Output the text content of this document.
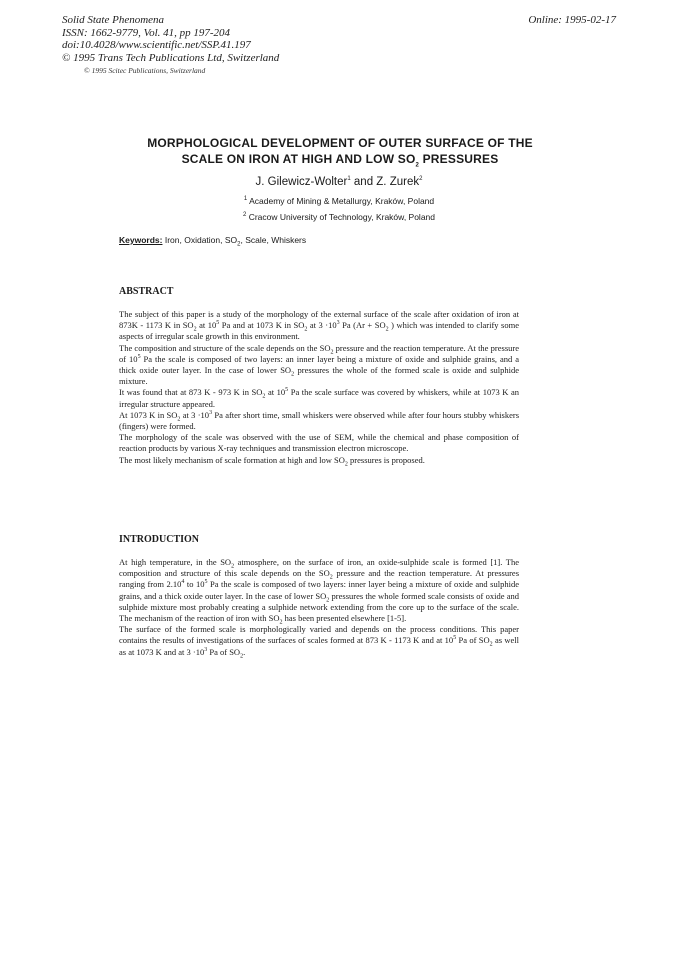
Solid State Phenomena
ISSN: 1662-9779, Vol. 41, pp 197-204
doi:10.4028/www.scientific.net/SSP.41.197
© 1995 Trans Tech Publications Ltd, Switzerland
Online: 1995-02-17
© 1995 Scitec Publications, Switzerland
MORPHOLOGICAL DEVELOPMENT OF OUTER SURFACE OF THE
SCALE ON IRON AT HIGH AND LOW $SO_2$ PRESSURES
J. Gilewicz-Wolter$^1$ and Z. Zurek$^2$
$^1$ Academy of Mining & Metallurgy, Kraków, Poland
$^2$ Cracow University of Technology, Kraków, Poland
Keywords: Iron, Oxidation, $SO_2$, Scale, Whiskers
ABSTRACT

The subject of this paper is a study of the morphology of the external surface of the scale after oxidation of iron at 873K - 1173 K in $SO_2$ at $10^5$ Pa and at 1073 K in $SO_2$ at $3 \cdot 10^3$ Pa ($Ar + SO_2$ ) which was intended to clarify some aspects of irregular scale growth in this environment.

The composition and structure of the scale depends on the $SO_2$ pressure and the reaction temperature. At the pressure of $10^5$ Pa the scale is composed of two layers: an inner layer being a mixture of oxide and sulphide grains, and a thick oxide outer layer. In the case of lower $SO_2$ pressures the whole of the formed scale is oxide and sulphide mixture.

It was found that at 873 K - 973 K in $SO_2$ at $10^5$ Pa the scale surface was covered by whiskers, while at 1073 K an irregular structure appeared.

At 1073 K in $SO_2$ at $3 \cdot 10^3$ Pa after short time, small whiskers were observed while after four hours stubby whiskers (fingers) were formed.

The morphology of the scale was observed with the use of SEM, while the chemical and phase composition of reaction products by various X-ray techniques and transmission electron microscope.

The most likely mechanism of scale formation at high and low $SO_2$ pressures is proposed.

INTRODUCTION

At high temperature, in the $SO_2$ atmosphere, on the surface of iron, an oxide-sulphide scale is formed [1]. The composition and structure of this scale depends on the $SO_2$ pressure and the reaction temperature. At pressures ranging from 2.10$^4$ to $10^5$ Pa the scale is composed of two layers: inner layer being a mixture of oxide and sulphide grains, and a thick oxide outer layer. In the case of lower $SO_2$ pressures the whole formed scale consists of oxide and sulphide mixture most probably creating a sulphide network extending from the core up to the surface of the scale. The mechanism of the reaction of iron with $SO_2$ has been presented elsewhere [1-5].

The surface of the formed scale is morphologically varied and depends on the process conditions. This paper contains the results of investigations of the surfaces of scales formed at 873 K - 1173 K and at $10^5$ Pa of $SO_2$ as well as at 1073 K and at $3 \cdot 10^3$ Pa of $SO_2$.
